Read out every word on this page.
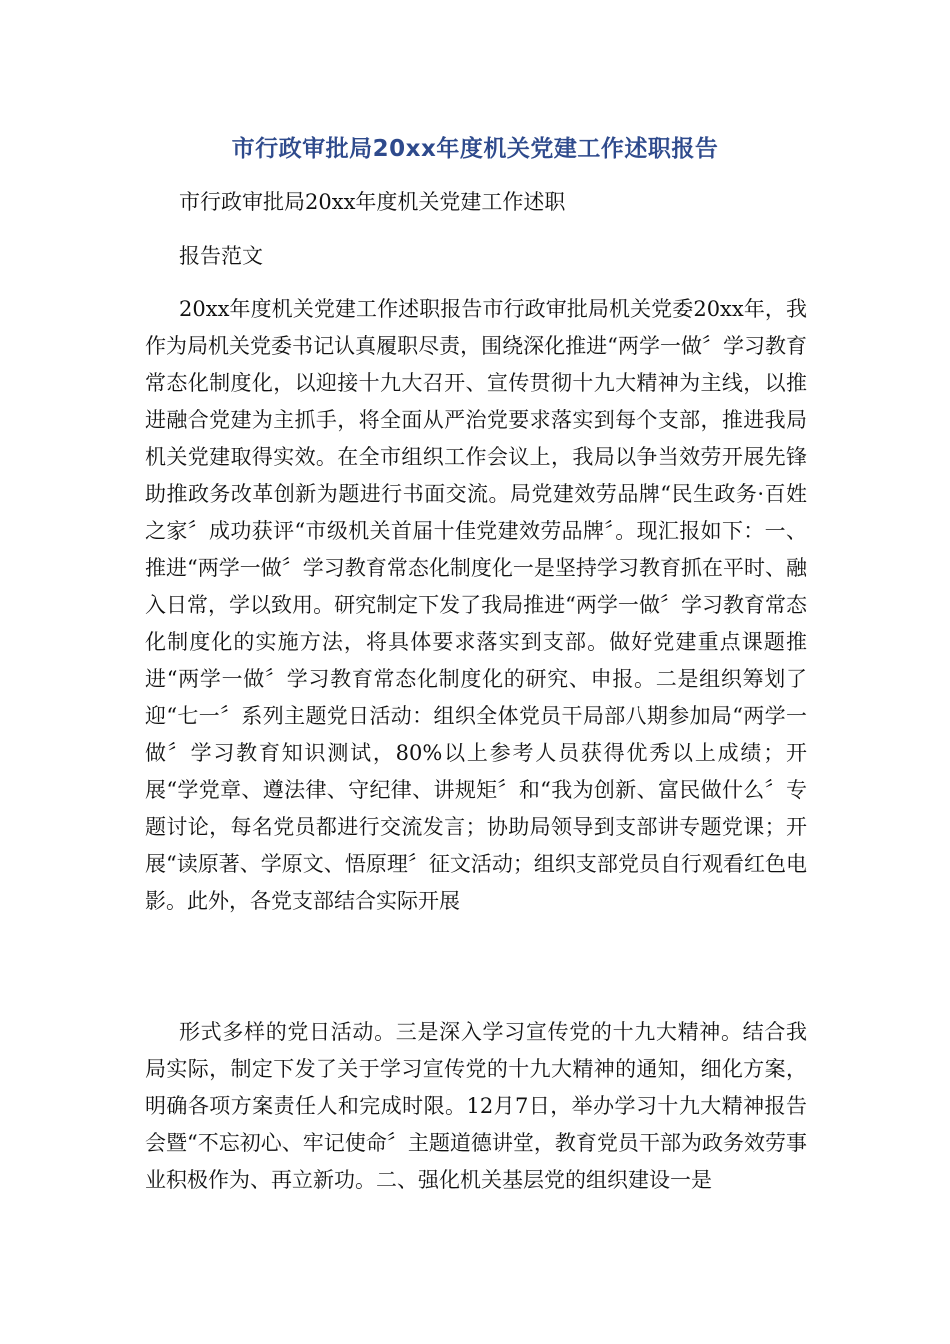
市行政审批局20xx年度机关党建工作述职报告
市行政审批局20xx年度机关党建工作述职
报告范文
20xx年度机关党建工作述职报告市行政审批局机关党委20xx年，我作为局机关党委书记认真履职尽责，围绕深化推进“两学一做〞学习教育常态化制度化，以迎接十九大召开、宣传贯彻十九大精神为主线，以推进融合党建为主抓手，将全面从严治党要求落实到每个支部，推进我局机关党建取得实效。在全市组织工作会议上，我局以争当效劳开展先锋助推政务改革创新为题进行书面交流。局党建效劳品牌“民生政务·百姓之家〞成功获评“市级机关首届十佳党建效劳品牌〞。现汇报如下：一、推进“两学一做〞学习教育常态化制度化一是坚持学习教育抓在平时、融入日常，学以致用。研究制定下发了我局推进“两学一做〞学习教育常态化制度化的实施方法，将具体要求落实到支部。做好党建重点课题推进“两学一做〞学习教育常态化制度化的研究、申报。二是组织筹划了迎“七一〞系列主题党日活动：组织全体党员干局部八期参加局“两学一做〞学习教育知识测试，80%以上参考人员获得优秀以上成绩；开展“学党章、遵法律、守纪律、讲规矩〞和“我为创新、富民做什么〞专题讨论，每名党员都进行交流发言；协助局领导到支部讲专题党课；开展“读原著、学原文、悟原理〞征文活动；组织支部党员自行观看红色电影。此外，各党支部结合实际开展
形式多样的党日活动。三是深入学习宣传党的十九大精神。结合我局实际，制定下发了关于学习宣传党的十九大精神的通知，细化方案，明确各项方案责任人和完成时限。12月7日，举办学习十九大精神报告会暨“不忘初心、牢记使命〞主题道德讲堂，教育党员干部为政务效劳事业积极作为、再立新功。二、强化机关基层党的组织建设一是
